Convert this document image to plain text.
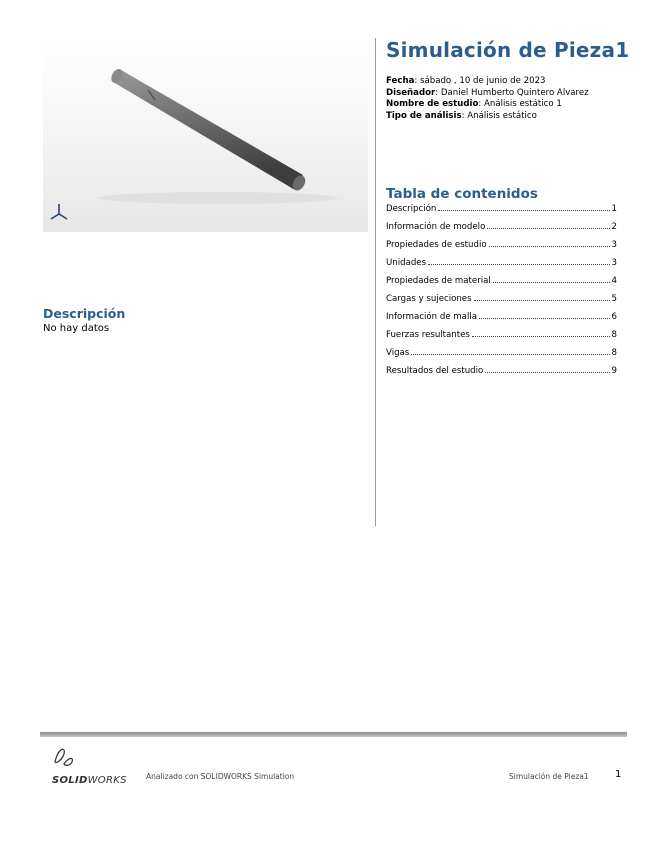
Simulación de Pieza1
Fecha: sábado , 10 de junio de 2023
Diseñador: Daniel Humberto Quintero Alvarez
Nombre de estudio: Análisis estático 1
Tipo de análisis: Análisis estático
Tabla de contenidos
Descripción	1
Información de modelo	2
Propiedades de estudio	3
Unidades	3
Propiedades de material	4
Cargas y sujeciones	5
Información de malla	6
Fuerzas resultantes	8
Vigas	8
Resultados del estudio	9
Descripción
No hay datos
SOLIDWORKS	Analizado con SOLIDWORKS Simulation	Simulación de Pieza1	1
